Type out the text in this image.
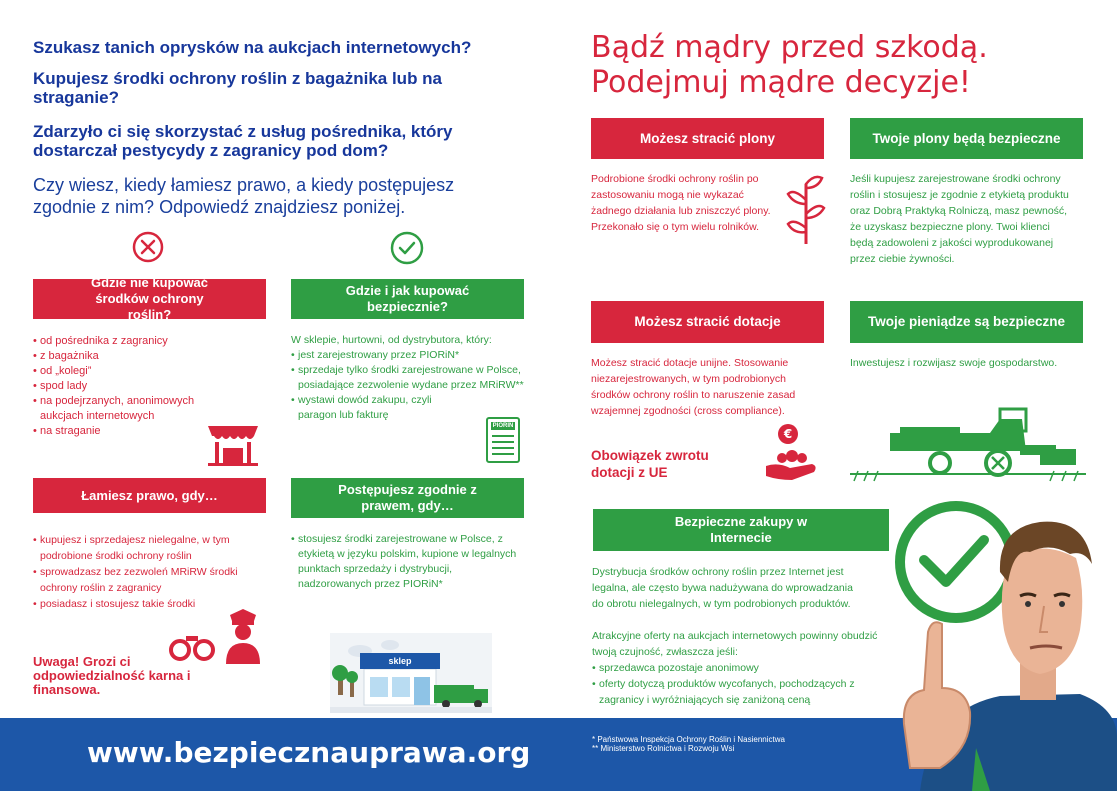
Szukasz tanich oprysków na aukcjach internetowych?
Kupujesz środki ochrony roślin z bagażnika lub na straganie?
Zdarzyło ci się skorzystać z usług pośrednika, który dostarczał pestycydy z zagranicy pod dom?
Czy wiesz, kiedy łamiesz prawo, a kiedy postępujesz zgodnie z nim? Odpowiedź znajdziesz poniżej.
Gdzie nie kupować środków ochrony roślin?
• od pośrednika z zagranicy
• z bagażnika
• od „kolegi”
• spod lady
• na podejrzanych, anonimowych aukcjach internetowych
• na straganie
Gdzie i jak kupować bezpiecznie?
W sklepie, hurtowni, od dystrybutora, który:
• jest zarejestrowany przez PIORiN*
• sprzedaje tylko środki zarejestrowane w Polsce, posiadające zezwolenie wydane przez MRiRW**
• wystawi dowód zakupu, czyli paragon lub fakturę
PIORIN
Łamiesz prawo, gdy…
• kupujesz i sprzedajesz nielegalne, w tym podrobione środki ochrony roślin
• sprowadzasz bez zezwoleń MRiRW środki ochrony roślin z zagranicy
• posiadasz i stosujesz takie środki
Uwaga! Grozi ci odpowiedzialność karna i finansowa.
Postępujesz zgodnie z prawem, gdy…
• stosujesz środki zarejestrowane w Polsce, z etykietą w języku polskim, kupione w legalnych punktach sprzedaży i dystrybucji, nadzorowanych przez PIORiN*
sklep
Bądź mądry przed szkodą. Podejmuj mądre decyzje!
Możesz stracić plony
Podrobione środki ochrony roślin po zastosowaniu mogą nie wykazać żadnego działania lub zniszczyć plony. Przekonało się o tym wielu rolników.
Twoje plony będą bezpieczne
Jeśli kupujesz zarejestrowane środki ochrony roślin i stosujesz je zgodnie z etykietą produktu oraz Dobrą Praktyką Rolniczą, masz pewność, że uzyskasz bezpieczne plony. Twoi klienci będą zadowoleni z jakości wyprodukowanej przez ciebie żywności.
Możesz stracić dotacje
Możesz stracić dotacje unijne. Stosowanie niezarejestrowanych, w tym podrobionych środków ochrony roślin to naruszenie zasad wzajemnej zgodności (cross compliance).
Obowiązek zwrotu dotacji z UE
€
Twoje pieniądze są bezpieczne
Inwestujesz i rozwijasz swoje gospodarstwo.
Bezpieczne zakupy w Internecie
Dystrybucja środków ochrony roślin przez Internet jest legalna, ale często bywa nadużywana do wprowadzania do obrotu nielegalnych, w tym podrobionych produktów.
Atrakcyjne oferty na aukcjach internetowych powinny obudzić twoją czujność, zwłaszcza jeśli:
• sprzedawca pozostaje anonimowy
• oferty dotyczą produktów wycofanych, pochodzących z zagranicy i wyróżniających się zaniżoną ceną
www.bezpiecznauprawa.org	* Państwowa Inspekcja Ochrony Roślin i Nasiennictwa
** Ministerstwo Rolnictwa i Rozwoju Wsi
